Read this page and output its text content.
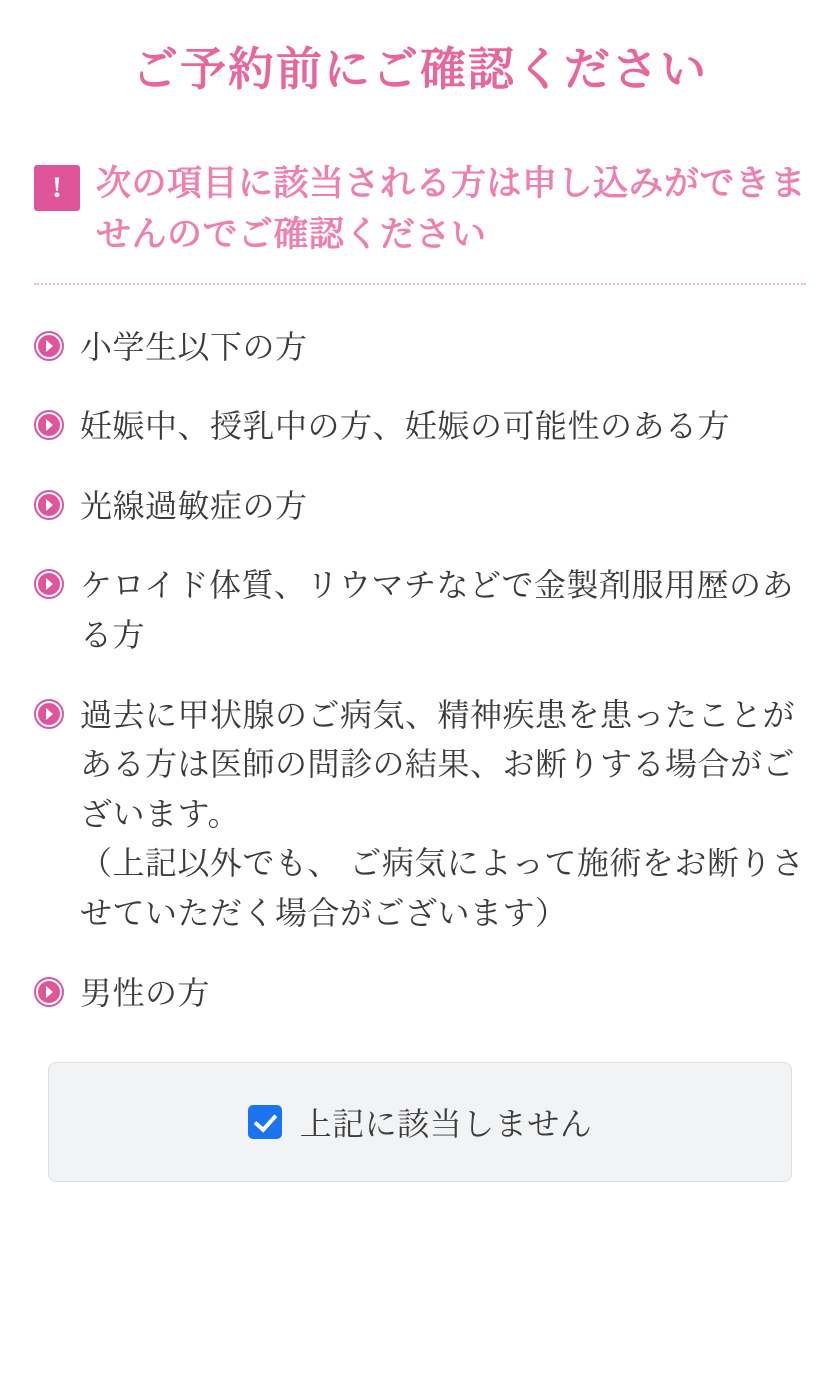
ご予約前にご確認ください
! 次の項目に該当される方は申し込みができませんのでご確認ください
小学生以下の方
妊娠中、授乳中の方、妊娠の可能性のある方
光線過敏症の方
ケロイド体質、リウマチなどで金製剤服用歴のある方
過去に甲状腺のご病気、精神疾患を患ったことがある方は医師の問診の結果、お断りする場合がございます。
（上記以外でも、 ご病気によって施術をお断りさせていただく場合がございます）
男性の方
上記に該当しません
